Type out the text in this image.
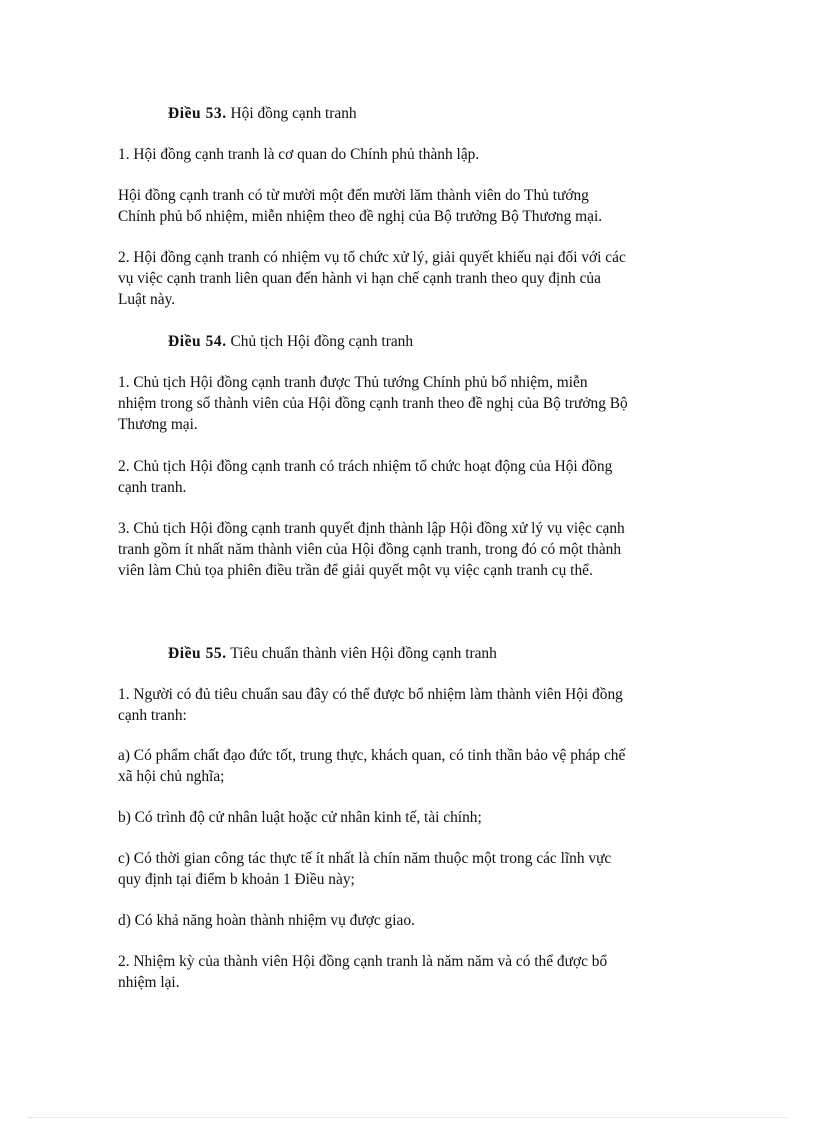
Điều 53. Hội đồng cạnh tranh

1. Hội đồng cạnh tranh là cơ quan do Chính phủ thành lập.

Hội đồng cạnh tranh có từ mười một đến mười lăm thành viên do Thủ tướng
Chính phủ bổ nhiệm, miễn nhiệm theo đề nghị của Bộ trưởng Bộ Thương mại.

2. Hội đồng cạnh tranh có nhiệm vụ tổ chức xử lý, giải quyết khiếu nại đối với các
vụ việc cạnh tranh liên quan đến hành vi hạn chế cạnh tranh theo quy định của
Luật này.

Điều 54. Chủ tịch Hội đồng cạnh tranh

1. Chủ tịch Hội đồng cạnh tranh được Thủ tướng Chính phủ bổ nhiệm, miễn
nhiệm trong số thành viên của Hội đồng cạnh tranh theo đề nghị của Bộ trưởng Bộ
Thương mại.

2. Chủ tịch Hội đồng cạnh tranh có trách nhiệm tổ chức hoạt động của Hội đồng
cạnh tranh.

3. Chủ tịch Hội đồng cạnh tranh quyết định thành lập Hội đồng xử lý vụ việc cạnh
tranh gồm ít nhất năm thành viên của Hội đồng cạnh tranh, trong đó có một thành
viên làm Chủ tọa phiên điều trần để giải quyết một vụ việc cạnh tranh cụ thể.

Điều 55. Tiêu chuẩn thành viên Hội đồng cạnh tranh

1. Người có đủ tiêu chuẩn sau đây có thể được bổ nhiệm làm thành viên Hội đồng
cạnh tranh:

a) Có phẩm chất đạo đức tốt, trung thực, khách quan, có tinh thần bảo vệ pháp chế
xã hội chủ nghĩa;

b) Có trình độ cử nhân luật hoặc cử nhân kinh tế, tài chính;

c) Có thời gian công tác thực tế ít nhất là chín năm thuộc một trong các lĩnh vực
quy định tại điểm b khoản 1 Điều này;

d) Có khả năng hoàn thành nhiệm vụ được giao.

2. Nhiệm kỳ của thành viên Hội đồng cạnh tranh là năm năm và có thể được bổ
nhiệm lại.
